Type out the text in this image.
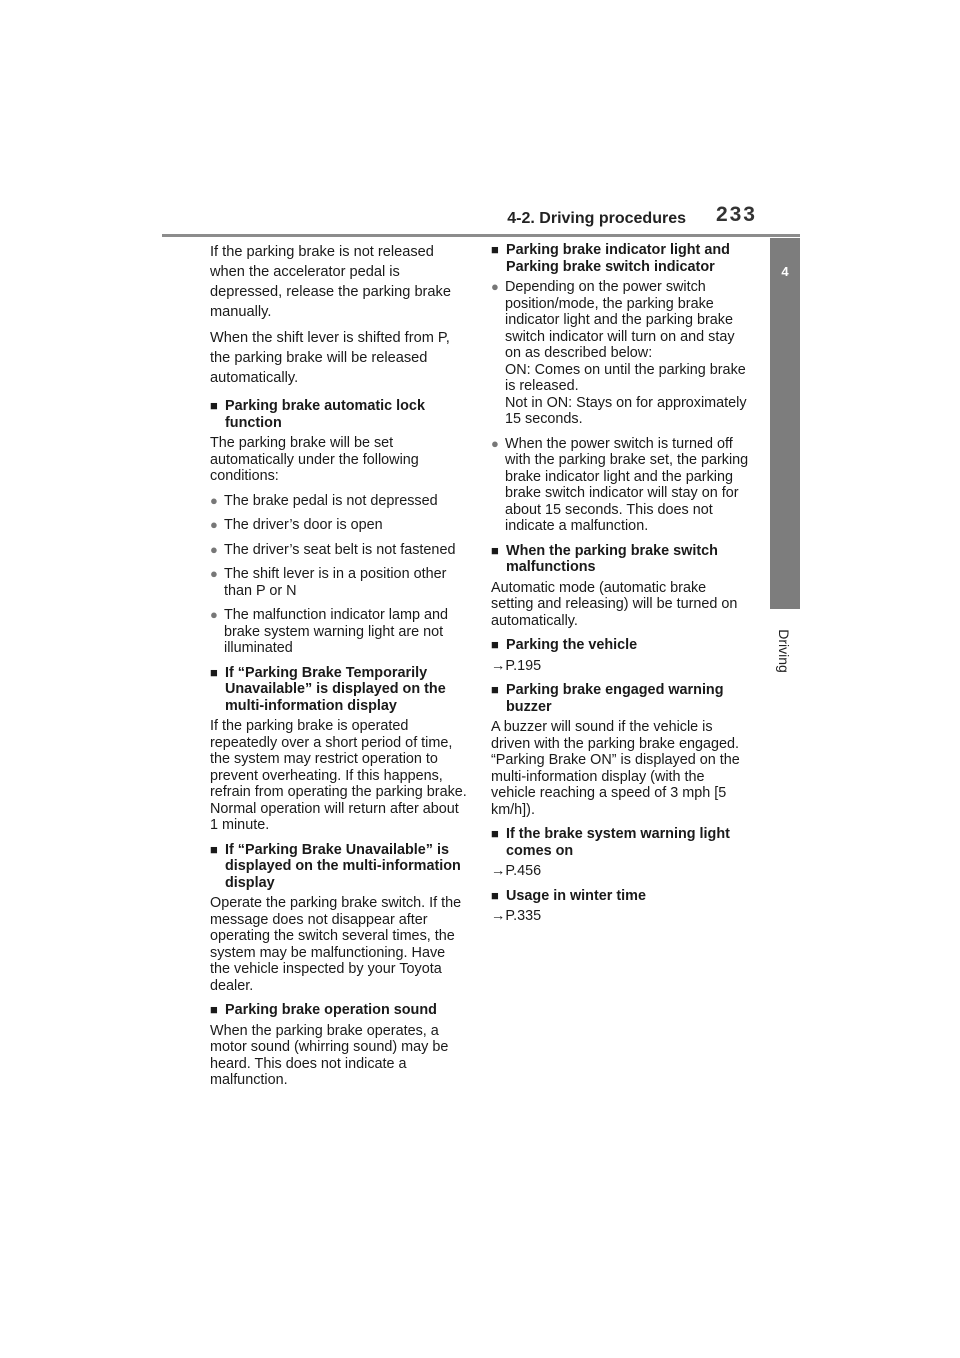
4-2. Driving procedures 233
4
Driving

If the parking brake is not released when the accelerator pedal is depressed, release the parking brake manually.

When the shift lever is shifted from P, the parking brake will be released automatically.

■ Parking brake automatic lock function

The parking brake will be set automatically under the following conditions:

● The brake pedal is not depressed
● The driver’s door is open
● The driver’s seat belt is not fastened
● The shift lever is in a position other than P or N
● The malfunction indicator lamp and brake system warning light are not illuminated
■ If “Parking Brake Temporarily Unavailable” is displayed on the multi-information display

If the parking brake is operated repeatedly over a short period of time, the system may restrict operation to prevent overheating. If this happens, refrain from operating the parking brake. Normal operation will return after about 1 minute.

■ If “Parking Brake Unavailable” is displayed on the multi-information display

Operate the parking brake switch. If the message does not disappear after operating the switch several times, the system may be malfunctioning. Have the vehicle inspected by your Toyota dealer.

■ Parking brake operation sound

When the parking brake operates, a motor sound (whirring sound) may be heard. This does not indicate a malfunction.

■ Parking brake indicator light and Parking brake switch indicator
● Depending on the power switch position/mode, the parking brake indicator light and the parking brake switch indicator will turn on and stay on as described below:
ON: Comes on until the parking brake is released.
Not in ON: Stays on for approximately 15 seconds.
● When the power switch is turned off with the parking brake set, the parking brake indicator light and the parking brake switch indicator will stay on for about 15 seconds. This does not indicate a malfunction.
■ When the parking brake switch malfunctions

Automatic mode (automatic brake setting and releasing) will be turned on automatically.

■ Parking the vehicle
→P.195
■ Parking brake engaged warning buzzer

A buzzer will sound if the vehicle is driven with the parking brake engaged. “Parking Brake ON” is displayed on the multi-information display (with the vehicle reaching a speed of 3 mph [5 km/h]).

■ If the brake system warning light comes on
→P.456
■ Usage in winter time
→P.335
